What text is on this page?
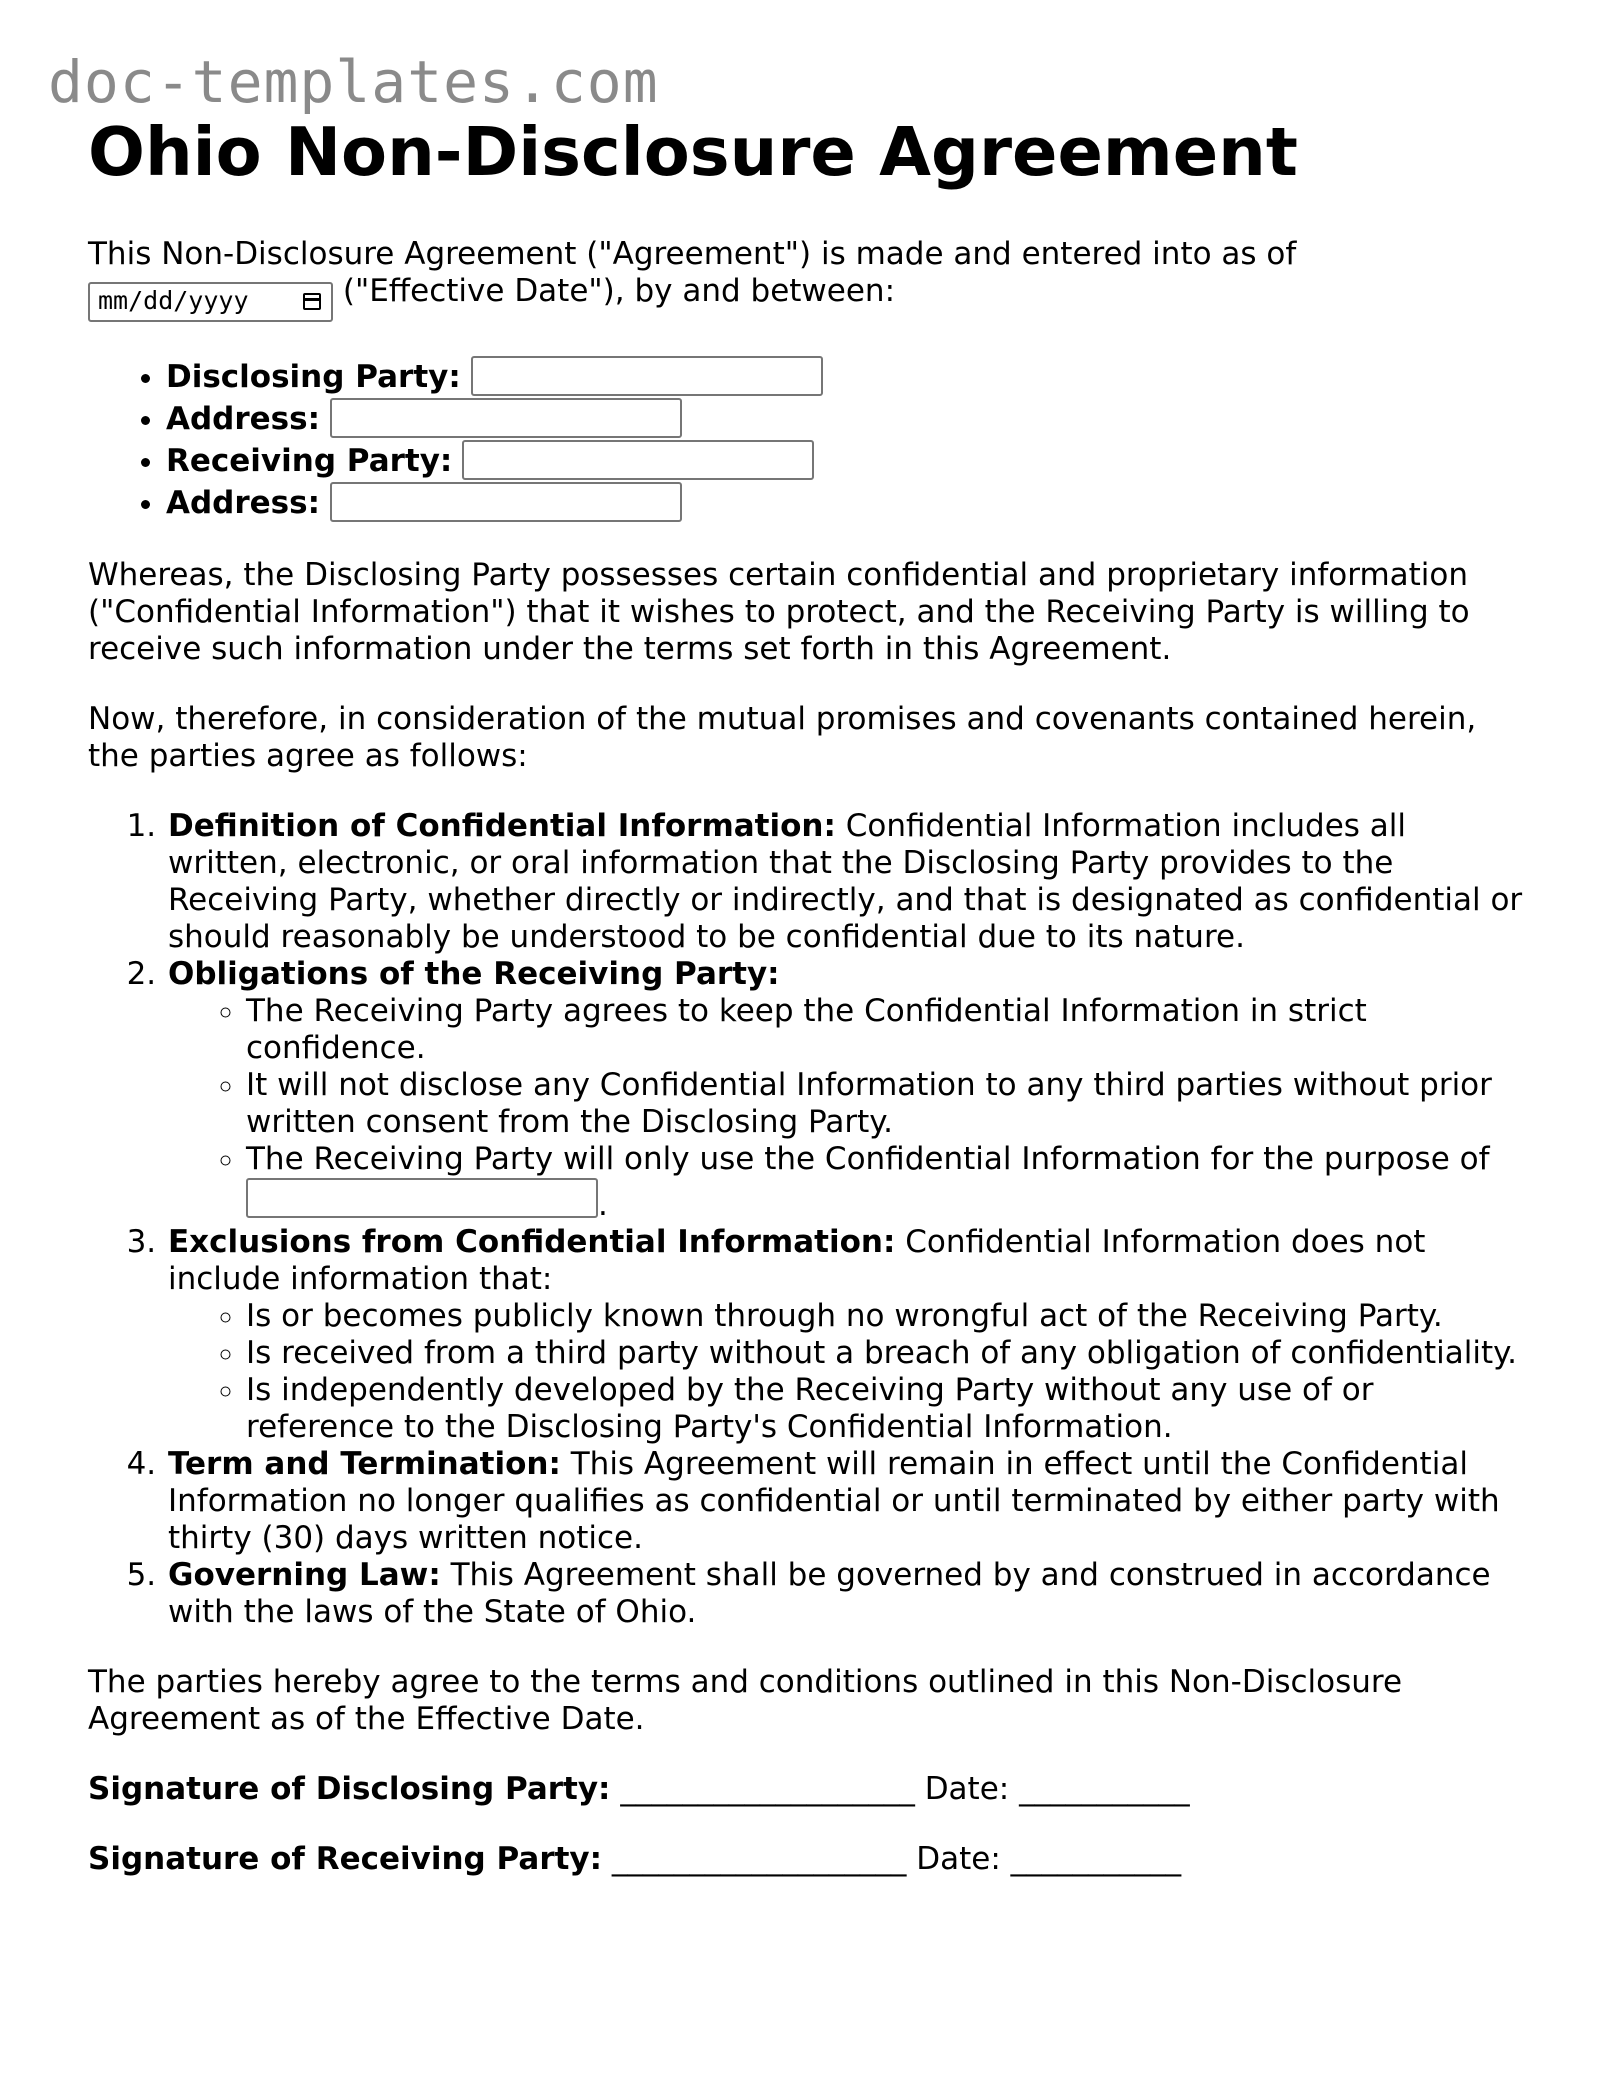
doc-templates.com
Ohio Non-Disclosure Agreement

This Non-Disclosure Agreement ("Agreement") is made and entered into as of
mm/dd/yyyy	("Effective Date"), by and between:

• Disclosing Party:
• Address:
• Receiving Party:
• Address:

Whereas, the Disclosing Party possesses certain confidential and proprietary information ("Confidential Information") that it wishes to protect, and the Receiving Party is willing to receive such information under the terms set forth in this Agreement.

Now, therefore, in consideration of the mutual promises and covenants contained herein, the parties agree as follows:

1. Definition of Confidential Information: Confidential Information includes all written, electronic, or oral information that the Disclosing Party provides to the Receiving Party, whether directly or indirectly, and that is designated as confidential or should reasonably be understood to be confidential due to its nature.
2. Obligations of the Receiving Party:
◦ The Receiving Party agrees to keep the Confidential Information in strict confidence.
◦ It will not disclose any Confidential Information to any third parties without prior written consent from the Disclosing Party.
◦ The Receiving Party will only use the Confidential Information for the purpose of .
3. Exclusions from Confidential Information: Confidential Information does not include information that:
◦ Is or becomes publicly known through no wrongful act of the Receiving Party.
◦ Is received from a third party without a breach of any obligation of confidentiality.
◦ Is independently developed by the Receiving Party without any use of or reference to the Disclosing Party's Confidential Information.
4. Term and Termination: This Agreement will remain in effect until the Confidential Information no longer qualifies as confidential or until terminated by either party with thirty (30) days written notice.
5. Governing Law: This Agreement shall be governed by and construed in accordance with the laws of the State of Ohio.

The parties hereby agree to the terms and conditions outlined in this Non-Disclosure Agreement as of the Effective Date.

Signature of Disclosing Party: ___________________ Date: ___________

Signature of Receiving Party: ___________________ Date: ___________
